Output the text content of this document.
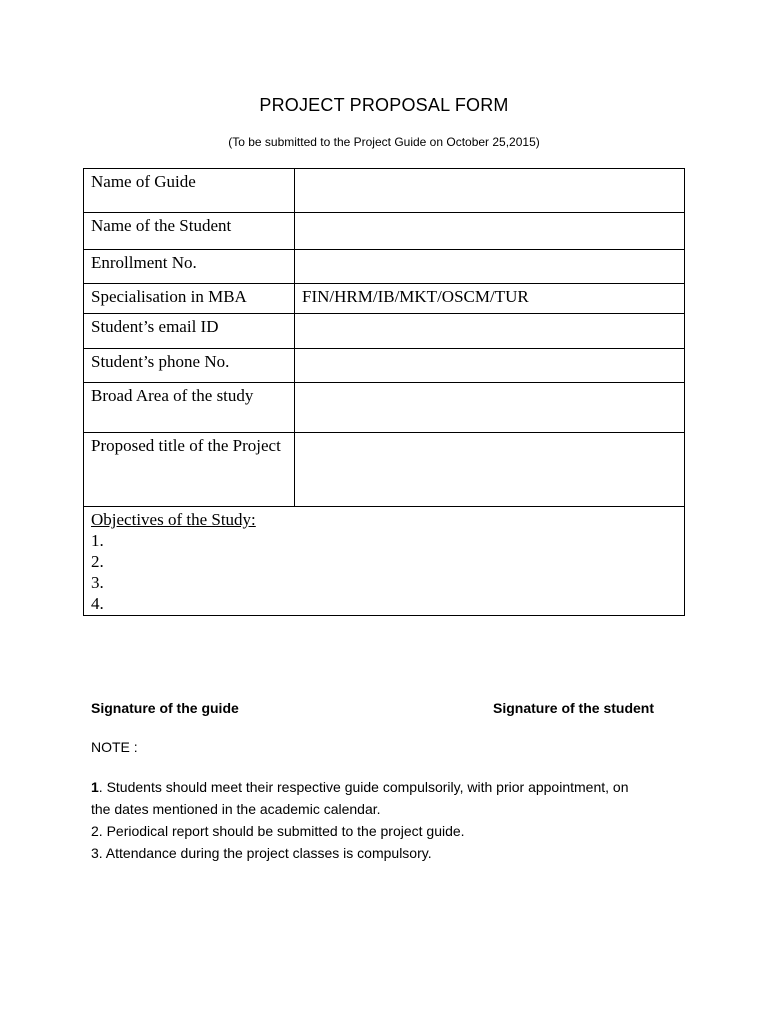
PROJECT PROPOSAL FORM
(To be submitted to the Project Guide on October 25,2015)
Name of Guide	
Name of the Student	
Enrollment No.	
Specialisation in MBA	FIN/HRM/IB/MKT/OSCM/TUR
Student’s email ID	
Student’s phone No.	
Broad Area of the study	
Proposed title of the Project	

Objectives of the Study:
1.
2.
3.
4.	
Signature of the guide	Signature of the student
NOTE :

1. Students should meet their respective guide compulsorily, with prior appointment, on the dates mentioned in the academic calendar.

2. Periodical report should be submitted to the project guide.

3. Attendance during the project classes is compulsory.
